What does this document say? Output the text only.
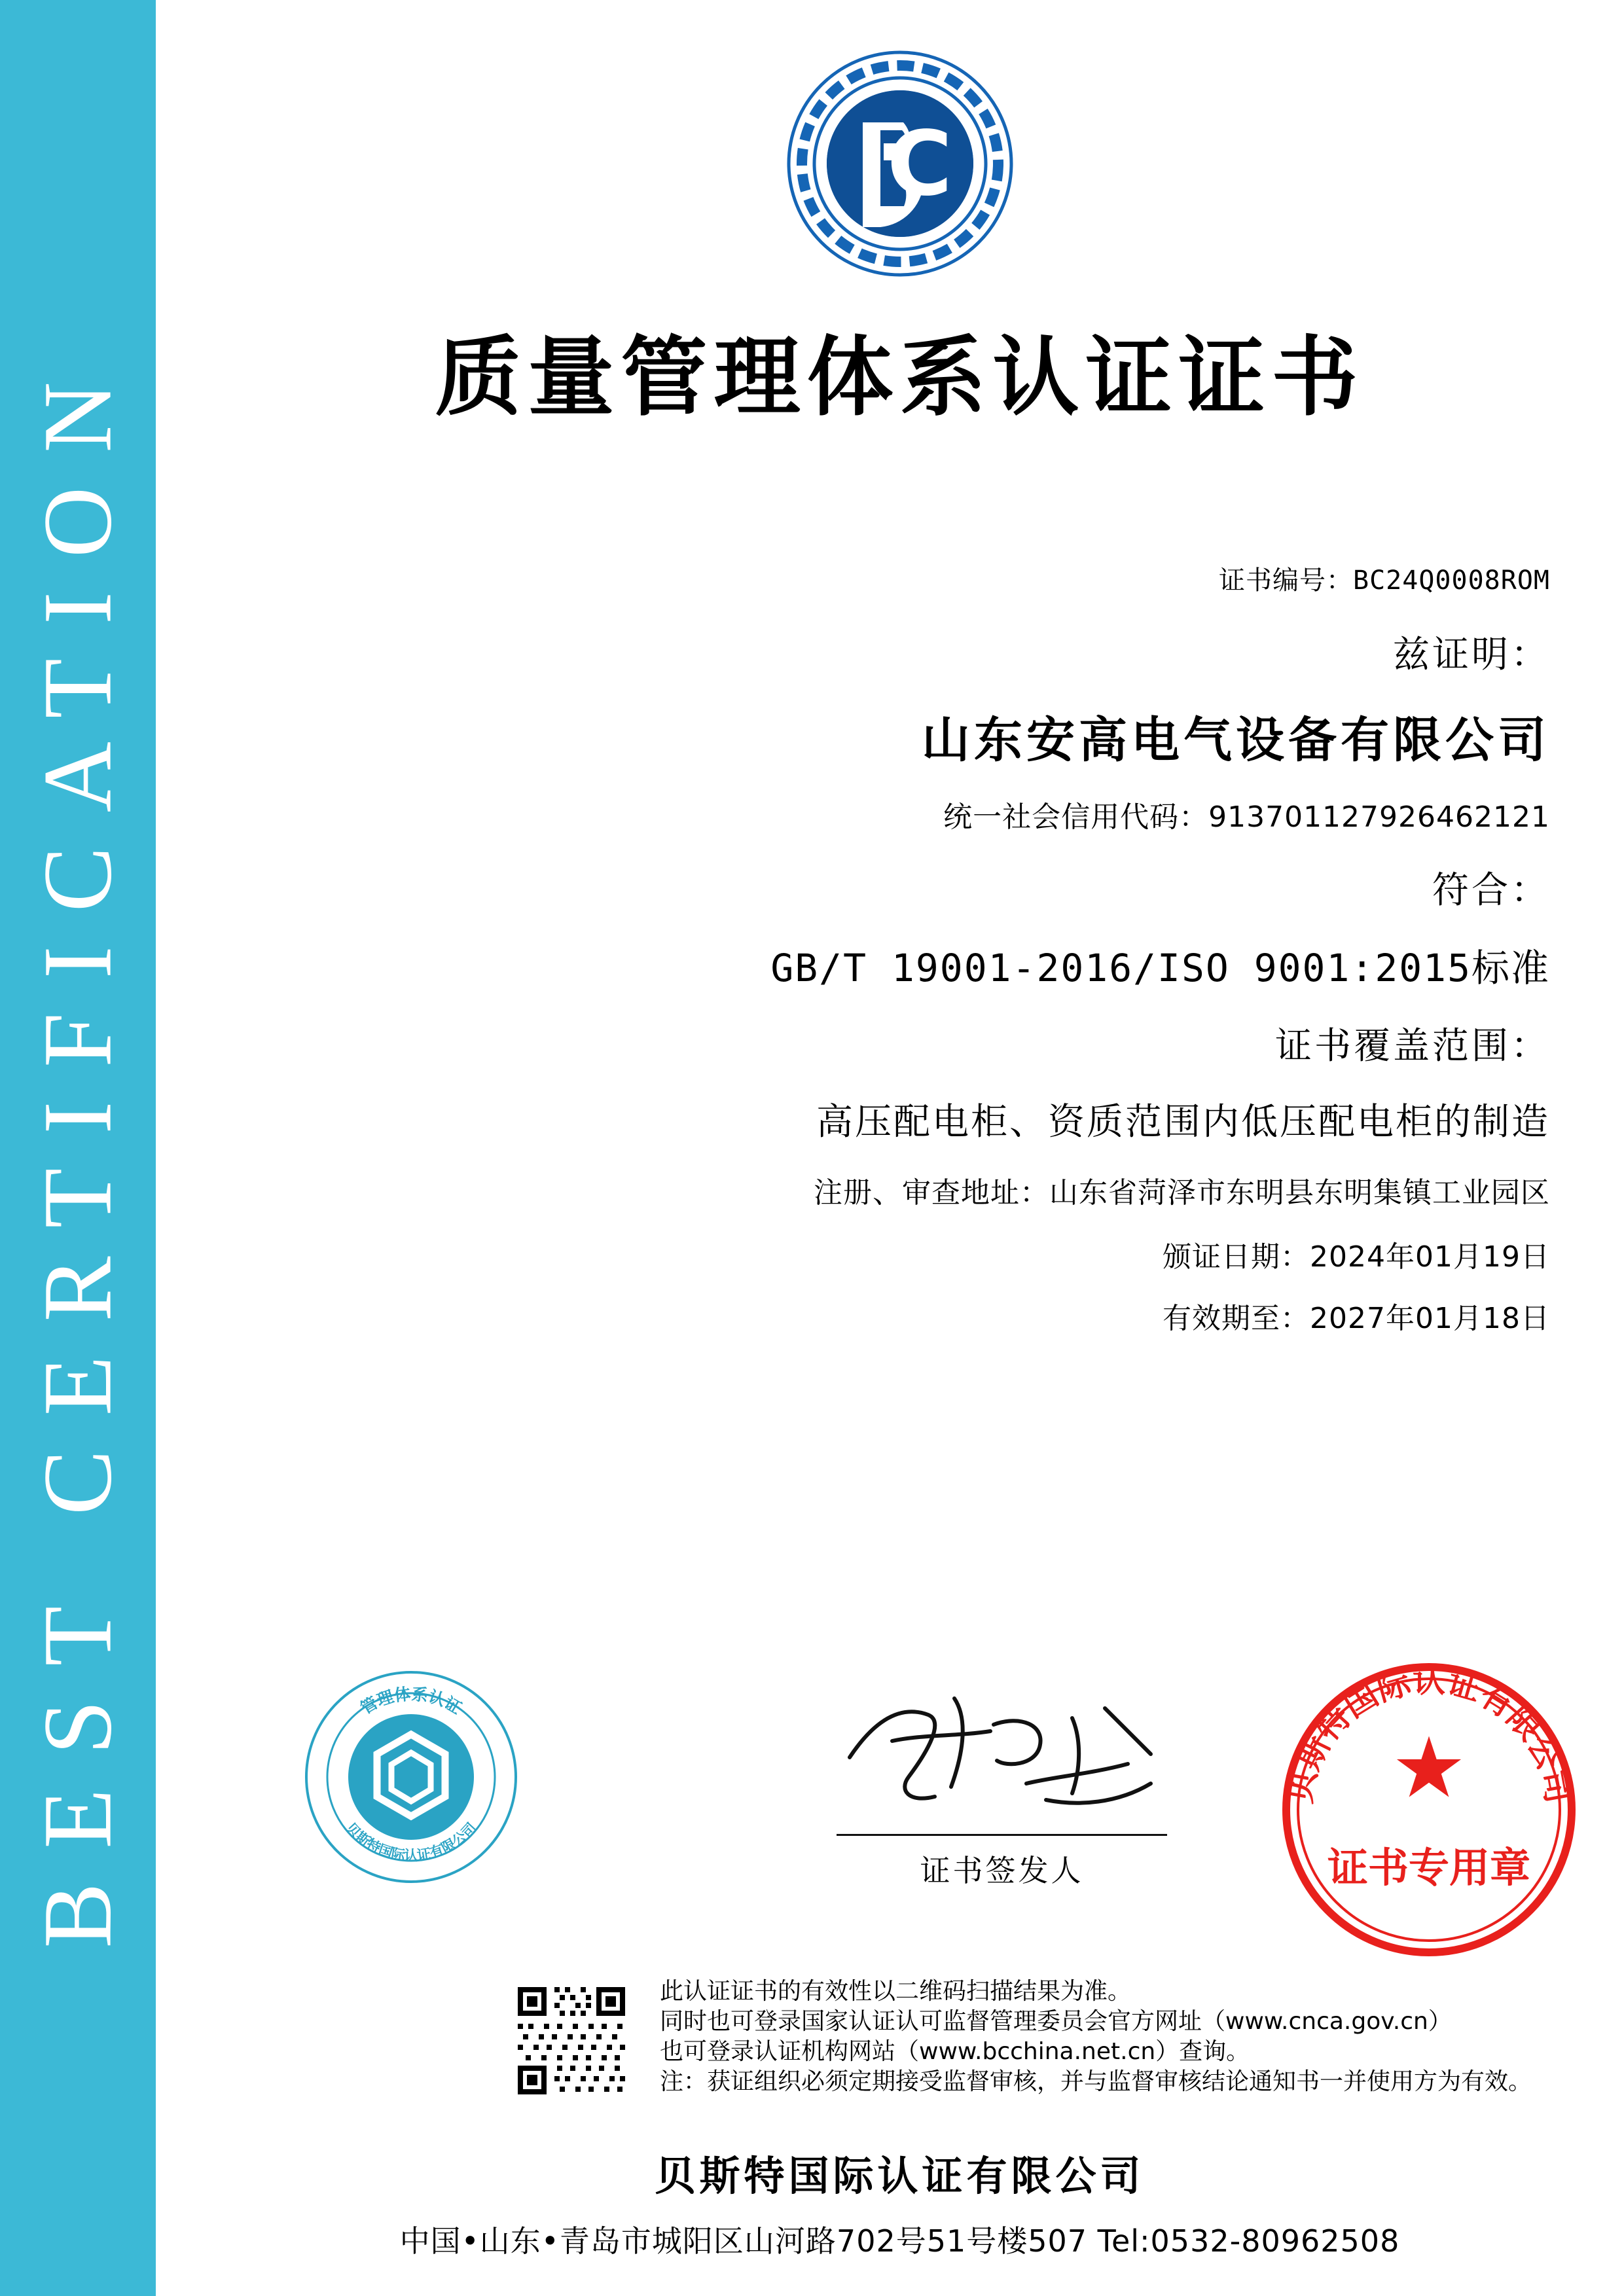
BEST CERTIFICATION
C
质量管理体系认证证书
证书编号：BC24Q0008ROM
兹证明：
山东安高电气设备有限公司
统一社会信用代码：913701127926462121
符合：
GB/T 19001-2016/ISO 9001:2015标准
证书覆盖范围：
高压配电柜、资质范围内低压配电柜的制造
注册、审查地址：山东省菏泽市东明县东明集镇工业园区
颁证日期：2024年01月19日
有效期至：2027年01月18日
管理体系认证
贝斯特国际认证有限公司
证书签发人
贝斯特国际认证有限公司
★
证书专用章
此认证证书的有效性以二维码扫描结果为准。
同时也可登录国家认证认可监督管理委员会官方网址（www.cnca.gov.cn）
也可登录认证机构网站（www.bcchina.net.cn）查询。
注：获证组织必须定期接受监督审核，并与监督审核结论通知书一并使用方为有效。
贝斯特国际认证有限公司
中国•山东•青岛市城阳区山河路702号51号楼507 Tel:0532-80962508
